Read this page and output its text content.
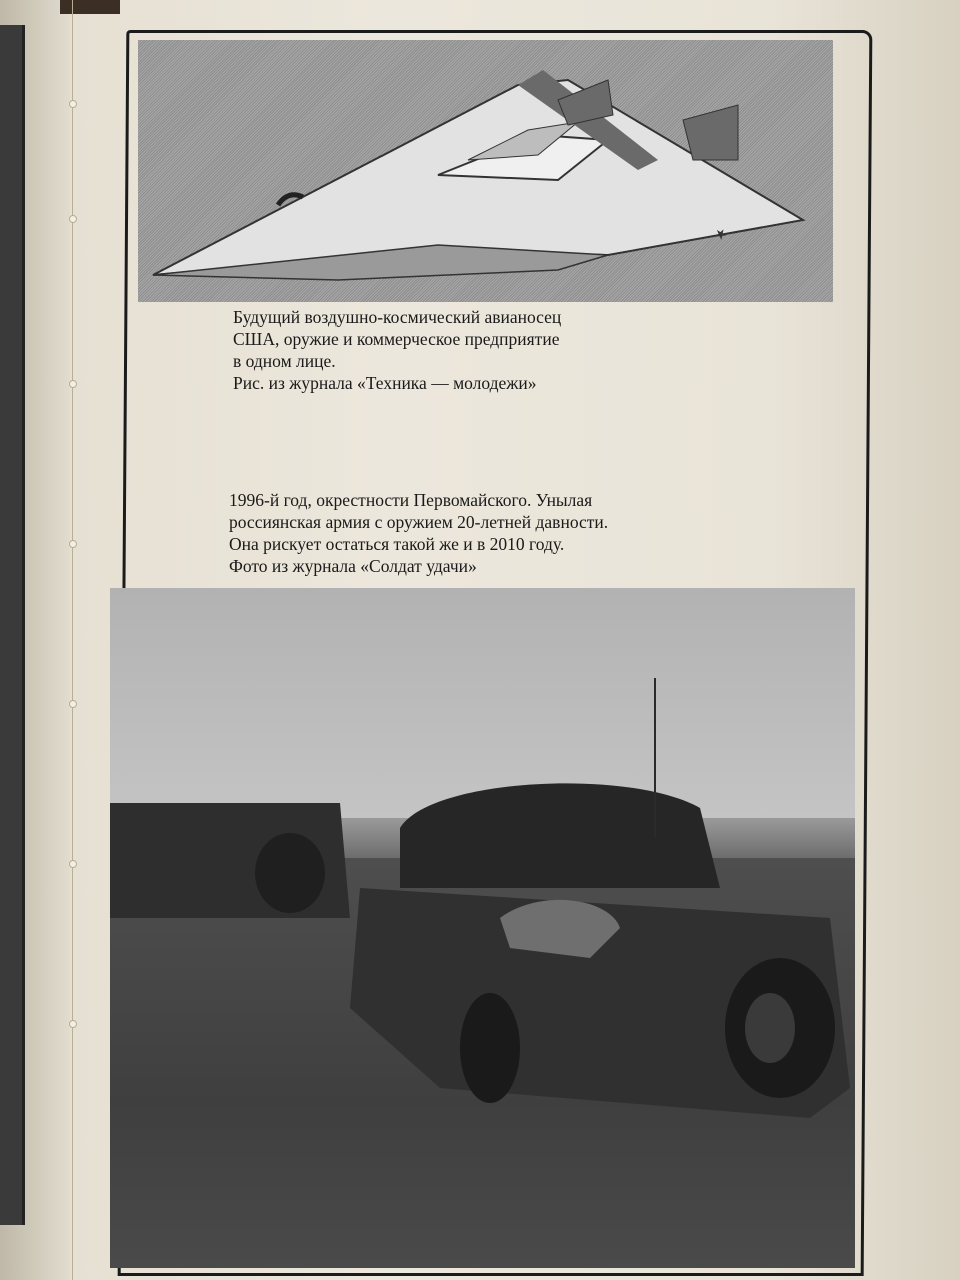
★
Будущий воздушно-космический авианосец
США, оружие и коммерческое предприятие
в одном лице.
Рис. из журнала «Техника — молодежи»
1996-й год, окрестности Первомайского. Унылая
россиянская армия с оружием 20-летней давности.
Она рискует остаться такой же и в 2010 году.
Фото из журнала «Солдат удачи»
